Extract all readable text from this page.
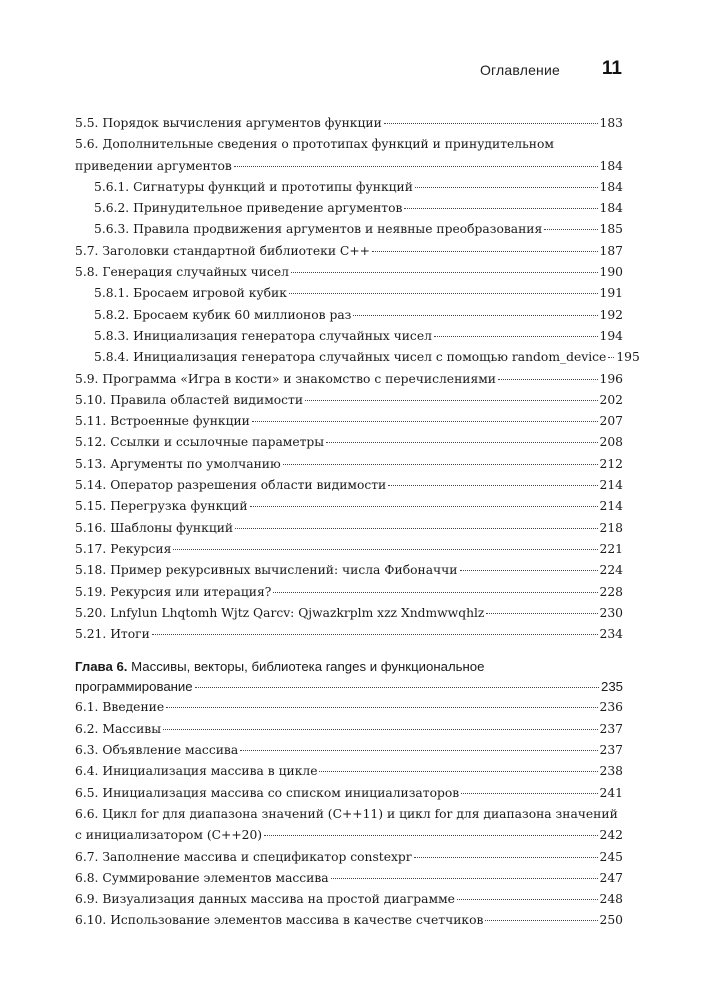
Оглавление 11
5.5. Порядок вычисления аргументов функции	183
5.6. Дополнительные сведения о прототипах функций и принудительном
приведении аргументов	184
5.6.1. Сигнатуры функций и прототипы функций	184
5.6.2. Принудительное приведение аргументов	184
5.6.3. Правила продвижения аргументов и неявные преобразования	185
5.7. Заголовки стандартной библиотеки C++	187
5.8. Генерация случайных чисел	190
5.8.1. Бросаем игровой кубик	191
5.8.2. Бросаем кубик 60 миллионов раз	192
5.8.3. Инициализация генератора случайных чисел	194
5.8.4. Инициализация генератора случайных чисел с помощью random_device 195
5.9. Программа «Игра в кости» и знакомство с перечислениями	196
5.10. Правила областей видимости	202
5.11. Встроенные функции	207
5.12. Ссылки и ссылочные параметры	208
5.13. Аргументы по умолчанию	212
5.14. Оператор разрешения области видимости	214
5.15. Перегрузка функций	214
5.16. Шаблоны функций	218
5.17. Рекурсия	221
5.18. Пример рекурсивных вычислений: числа Фибоначчи	224
5.19. Рекурсия или итерация?	228
5.20. Lnfylun Lhqtomh Wjtz Qarcv: Qjwazkrplm xzz Xndmwwqhlz	230
5.21. Итоги	234
Глава 6. Массивы, векторы, библиотека ranges и функциональное
программирование	235
6.1. Введение	236
6.2. Массивы	237
6.3. Объявление массива	237
6.4. Инициализация массива в цикле	238
6.5. Инициализация массива со списком инициализаторов	241
6.6. Цикл for для диапазона значений (C++11) и цикл for для диапазона значений
с инициализатором (C++20)	242
6.7. Заполнение массива и спецификатор constexpr	245
6.8. Суммирование элементов массива	247
6.9. Визуализация данных массива на простой диаграмме	248
6.10. Использование элементов массива в качестве счетчиков	250
